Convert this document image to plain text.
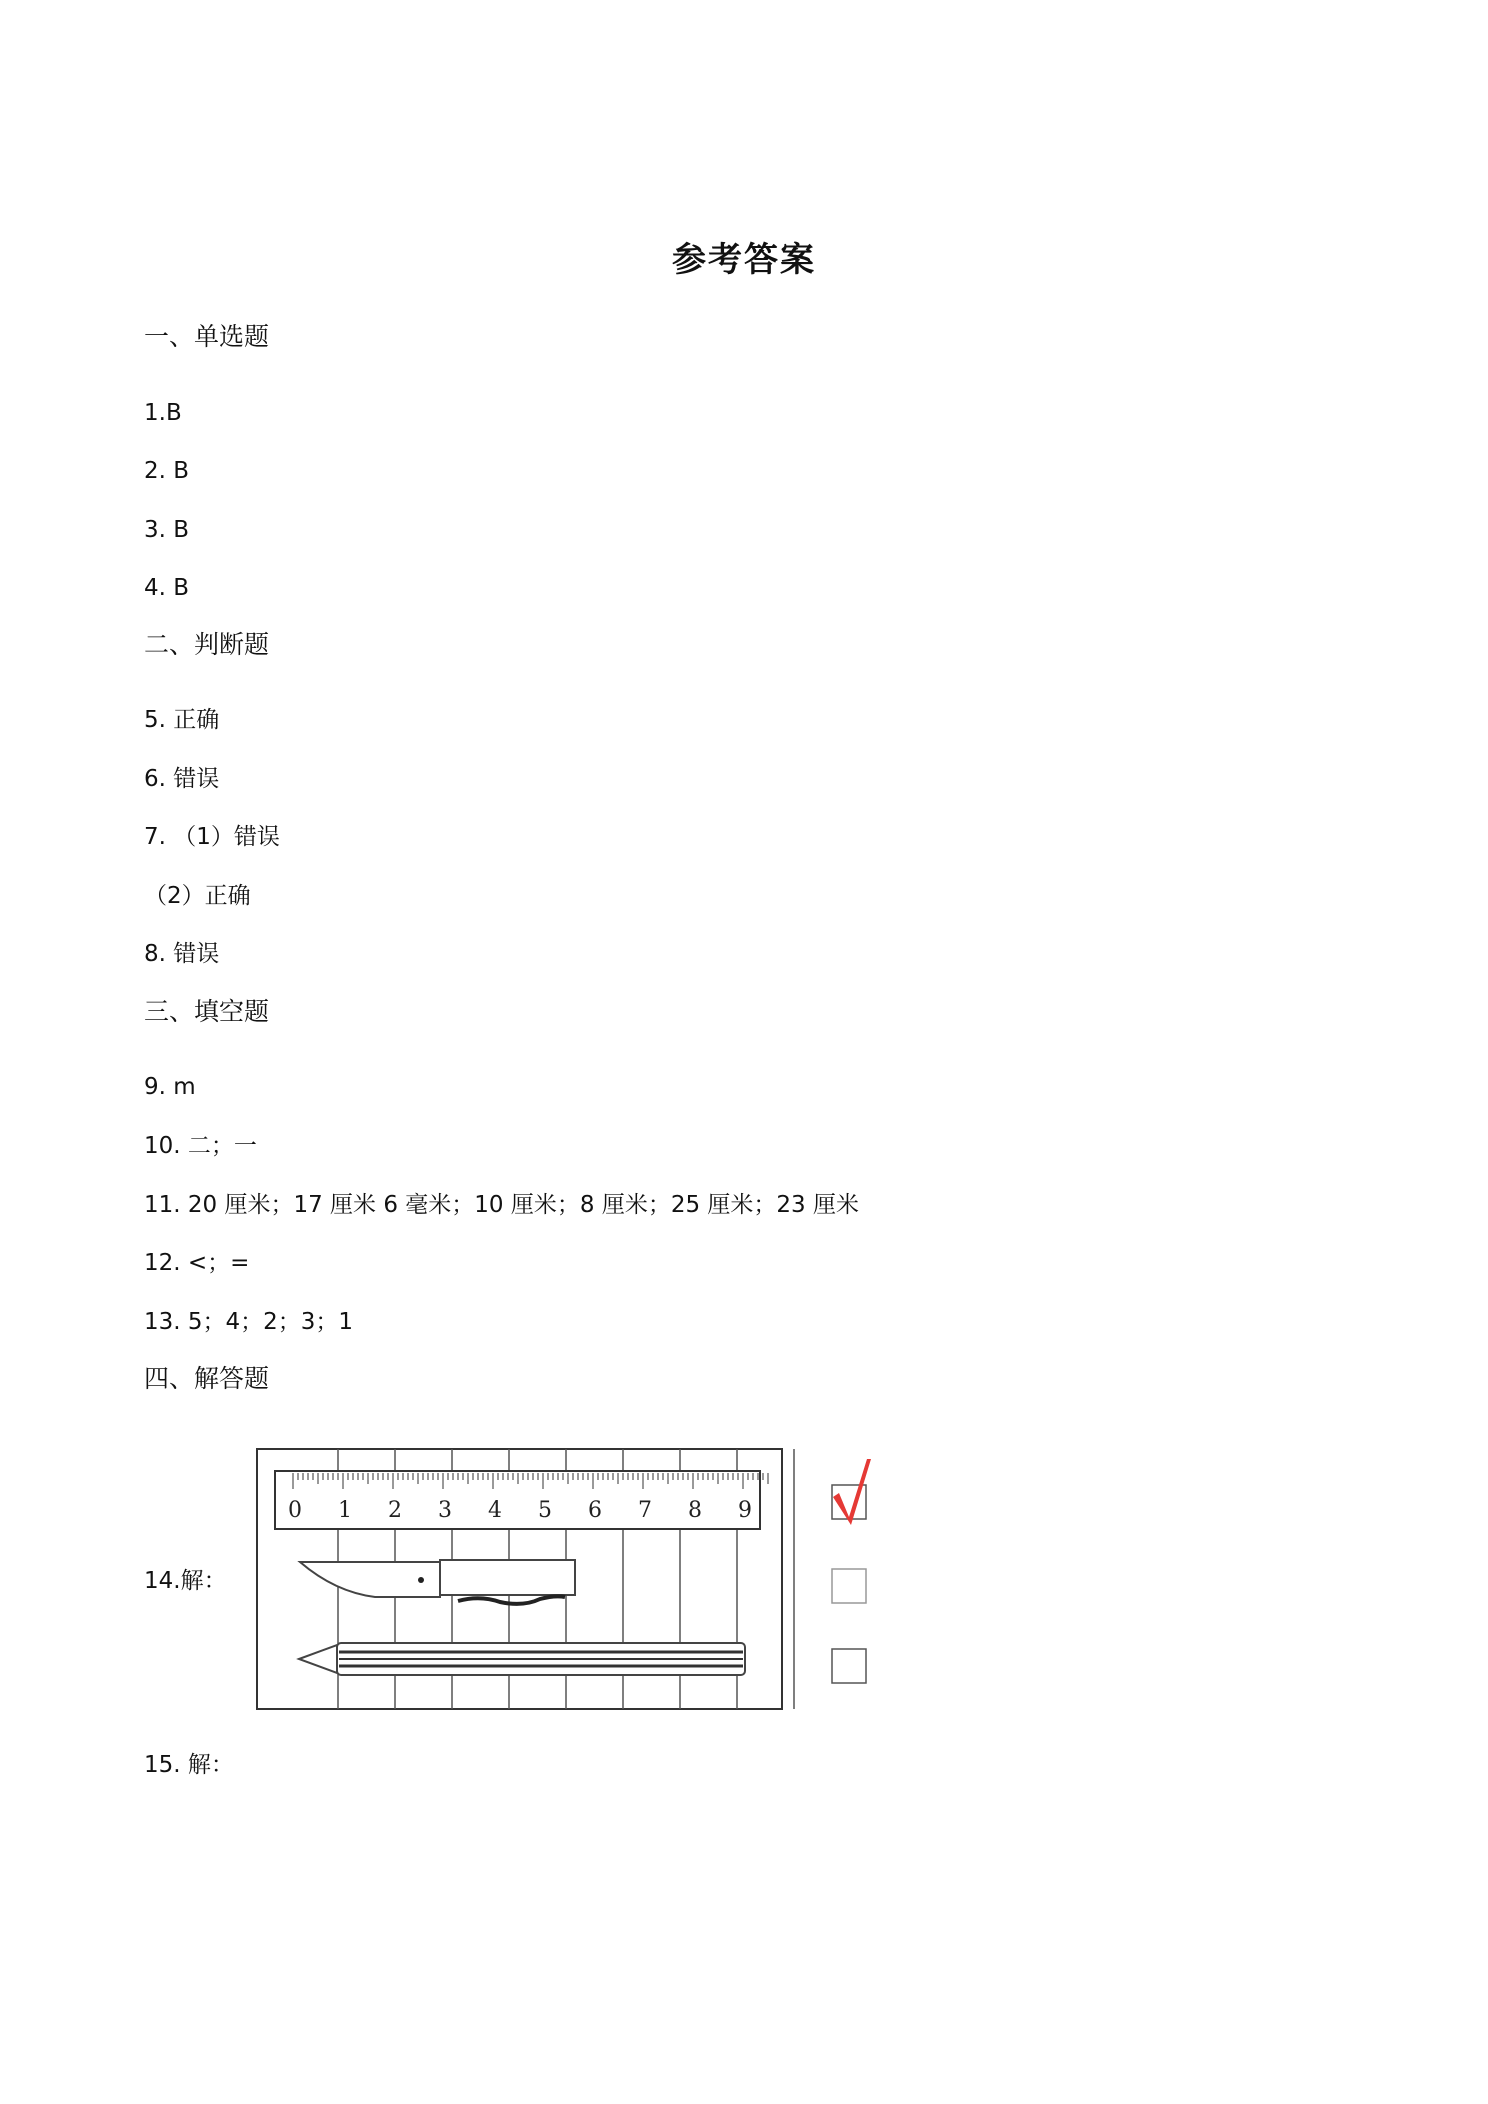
参考答案
一、单选题
1.B
2. B
3. B
4. B
二、判断题
5. 正确
6. 错误
7. （1）错误
（2）正确
8. 错误
三、填空题
9. m
10. 二；一
11. 20 厘米；17 厘米 6 毫米；10 厘米；8 厘米；25 厘米；23 厘米
12. <；=
13. 5；4；2；3；1
四、解答题
14.解：
0 1 2 3 4 5 6 7 8 9
15. 解：
